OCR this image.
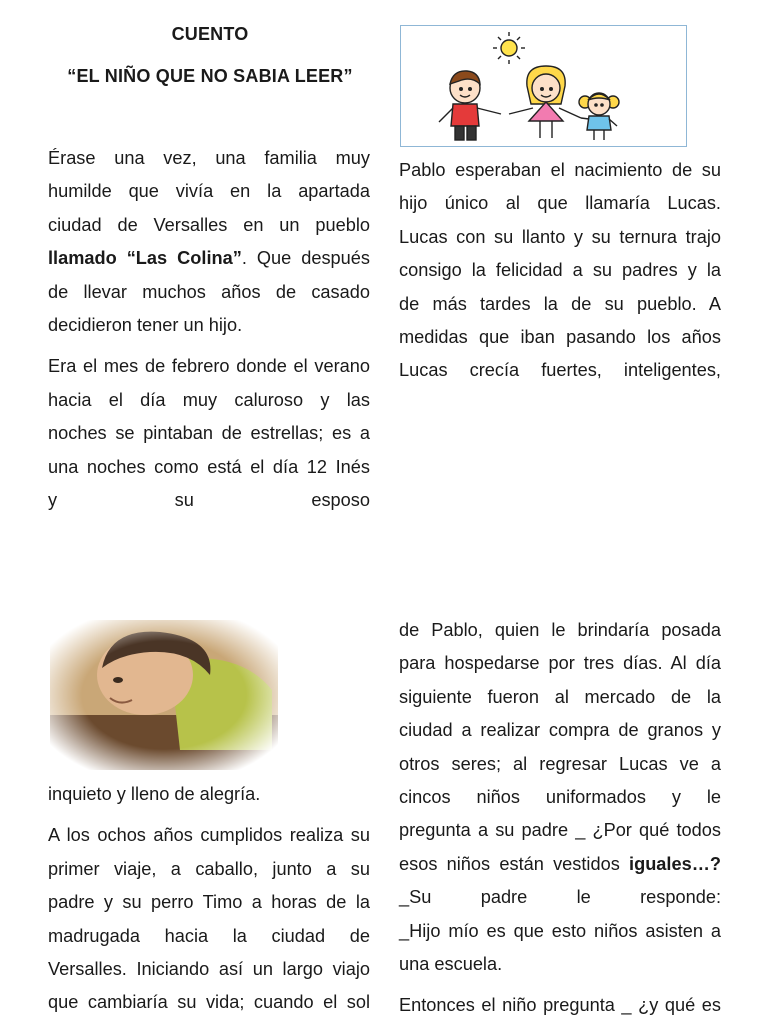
CUENTO
“EL NIÑO QUE NO SABIA LEER”

Érase una vez, una familia muy

humilde que vivía en la apartada

ciudad de Versalles en un pueblo

llamado “Las Colina”. Que después

de llevar muchos años de casado

decidieron tener un hijo.

Era el mes de febrero donde el verano

hacia el día muy caluroso y las

noches se pintaban de estrellas; es a

una noches como está el día 12 Inés

y su esposo

Pablo esperaban el nacimiento de su

hijo único al que llamaría Lucas.

Lucas con su llanto y su ternura trajo

consigo la felicidad a su padres y la

de más tardes la de su pueblo. A

medidas que iban pasando los años

Lucas crecía fuertes, inteligentes,

inquieto y lleno de alegría.

A los ochos años cumplidos realiza su

primer viaje, a caballo, junto a su

padre y su perro Timo a horas de la

madrugada hacia la ciudad de

Versalles. Iniciando así un largo viajo

que cambiaría su vida; cuando el sol

de Pablo, quien le brindaría posada

para hospedarse por tres días. Al día

siguiente fueron al mercado de la

ciudad a realizar compra de granos y

otros seres; al regresar Lucas ve a

cincos niños uniformados y le

pregunta a su padre _ ¿Por qué todos

esos niños están vestidos iguales…?

_Su padre le responde:

_Hijo mío es que esto niños asisten a

una escuela.

Entonces el niño pregunta _ ¿y qué es
